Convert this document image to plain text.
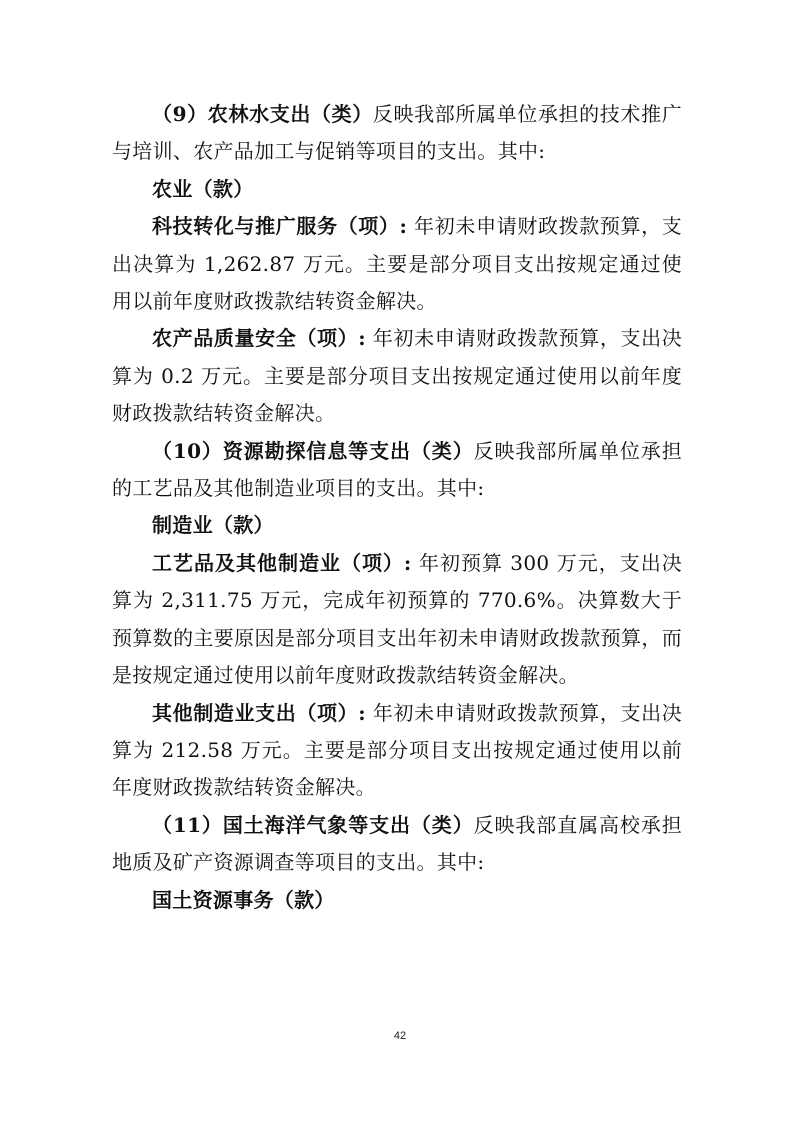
（9）农林水支出（类）反映我部所属单位承担的技术推广与培训、农产品加工与促销等项目的支出。其中:

农业（款）

科技转化与推广服务（项）: 年初未申请财政拨款预算，支出决算为 1,262.87 万元。主要是部分项目支出按规定通过使用以前年度财政拨款结转资金解决。

农产品质量安全（项）: 年初未申请财政拨款预算，支出决算为 0.2 万元。主要是部分项目支出按规定通过使用以前年度财政拨款结转资金解决。

（10）资源勘探信息等支出（类）反映我部所属单位承担的工艺品及其他制造业项目的支出。其中:

制造业（款）

工艺品及其他制造业（项）: 年初预算 300 万元，支出决算为 2,311.75 万元，完成年初预算的 770.6%。决算数大于预算数的主要原因是部分项目支出年初未申请财政拨款预算，而是按规定通过使用以前年度财政拨款结转资金解决。

其他制造业支出（项）: 年初未申请财政拨款预算，支出决算为 212.58 万元。主要是部分项目支出按规定通过使用以前年度财政拨款结转资金解决。

（11）国土海洋气象等支出（类）反映我部直属高校承担地质及矿产资源调查等项目的支出。其中:

国土资源事务（款）

42
